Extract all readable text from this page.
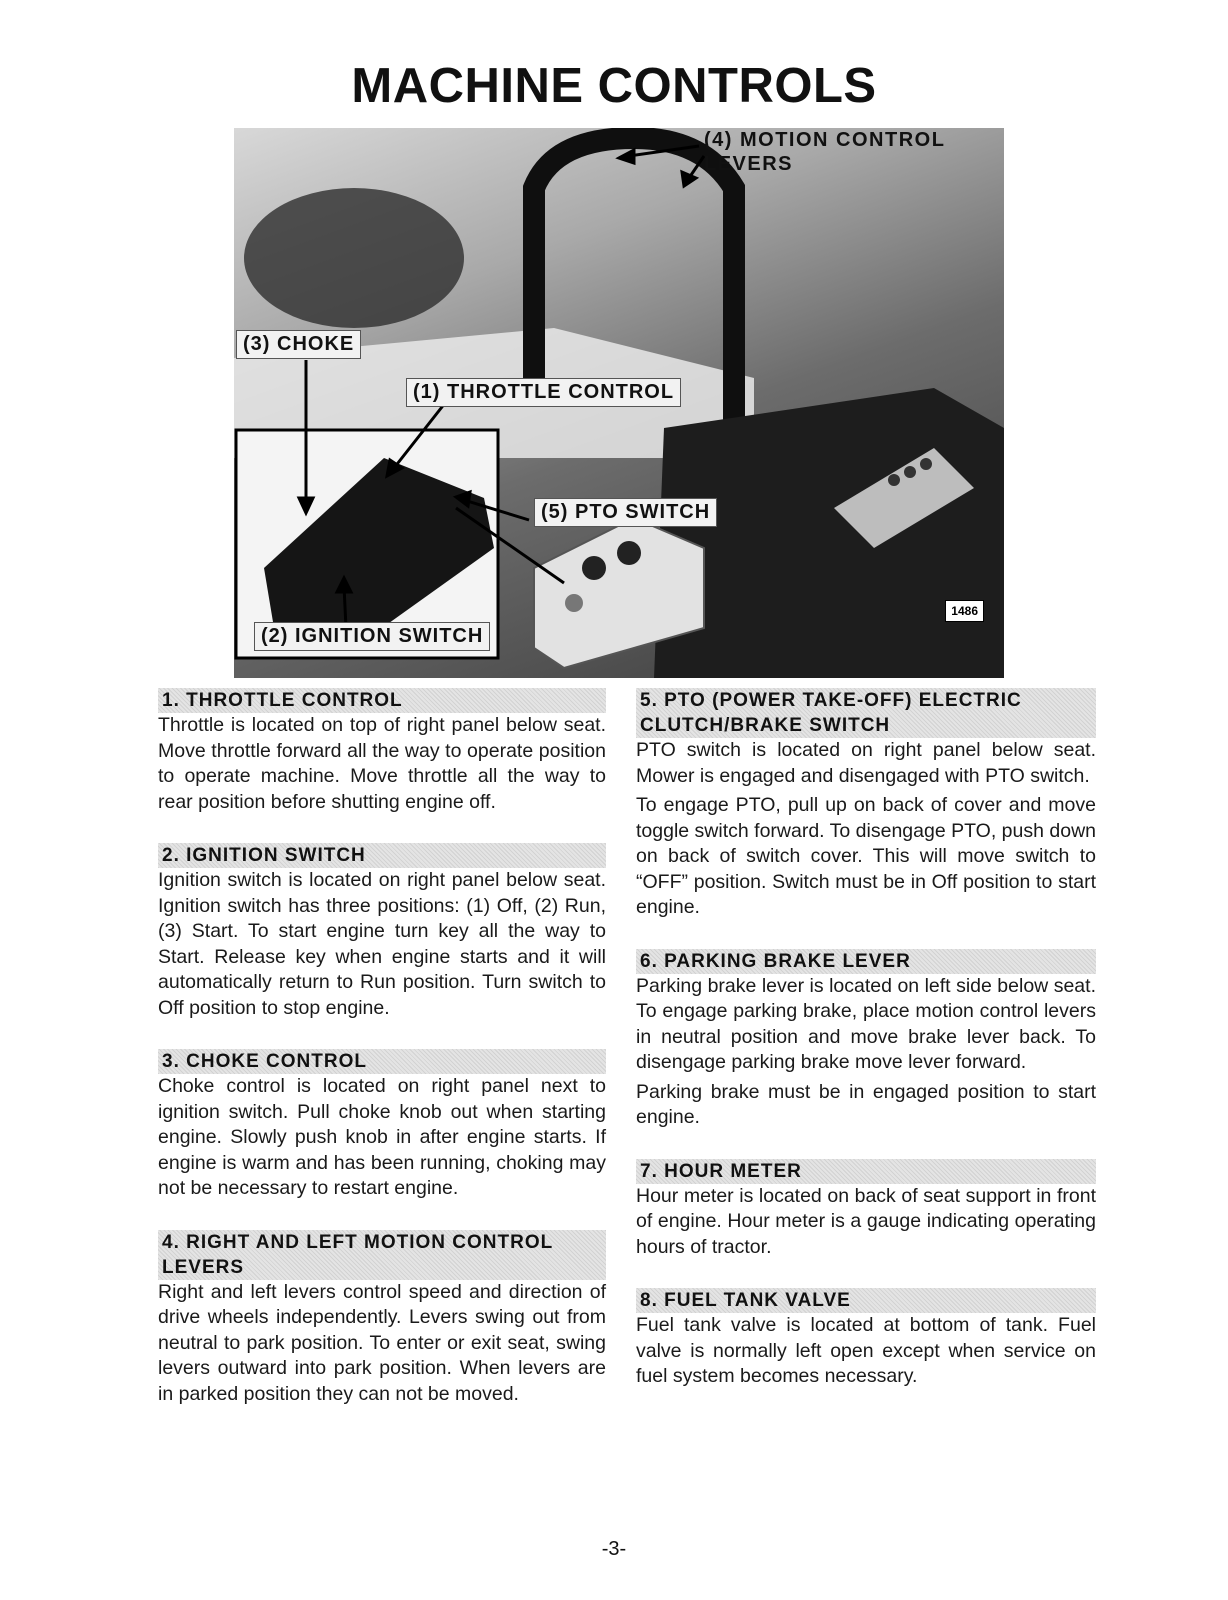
MACHINE CONTROLS
(4) MOTION CONTROL
LEVERS
(3) CHOKE
(1) THROTTLE CONTROL
(5) PTO SWITCH
(2) IGNITION SWITCH
1486
1. THROTTLE CONTROL

Throttle is located on top of right panel below seat. Move throttle forward all the way to operate position to operate machine. Move throttle all the way to rear position before shutting engine off.

2. IGNITION SWITCH

Ignition switch is located on right panel below seat. Ignition switch has three positions: (1) Off, (2) Run, (3) Start. To start engine turn key all the way to Start. Release key when engine starts and it will automatically return to Run position. Turn switch to Off position to stop engine.

3. CHOKE CONTROL

Choke control is located on right panel next to ignition switch. Pull choke knob out when starting engine. Slowly push knob in after engine starts. If engine is warm and has been running, choking may not be necessary to restart engine.

4. RIGHT AND LEFT MOTION CONTROL LEVERS

Right and left levers control speed and direction of drive wheels independently. Levers swing out from neutral to park position. To enter or exit seat, swing levers outward into park position. When levers are in parked position they can not be moved.

5. PTO (POWER TAKE-OFF) ELECTRIC CLUTCH/BRAKE SWITCH

PTO switch is located on right panel below seat. Mower is engaged and disengaged with PTO switch.

To engage PTO, pull up on back of cover and move toggle switch forward. To disengage PTO, push down on back of switch cover. This will move switch to “OFF” position. Switch must be in Off position to start engine.

6. PARKING BRAKE LEVER

Parking brake lever is located on left side below seat. To engage parking brake, place motion control levers in neutral position and move brake lever back. To disengage parking brake move lever forward.

Parking brake must be in engaged position to start engine.

7. HOUR METER

Hour meter is located on back of seat support in front of engine. Hour meter is a gauge indicating operating hours of tractor.

8. FUEL TANK VALVE

Fuel tank valve is located at bottom of tank. Fuel valve is normally left open except when service on fuel system becomes necessary.

-3-
